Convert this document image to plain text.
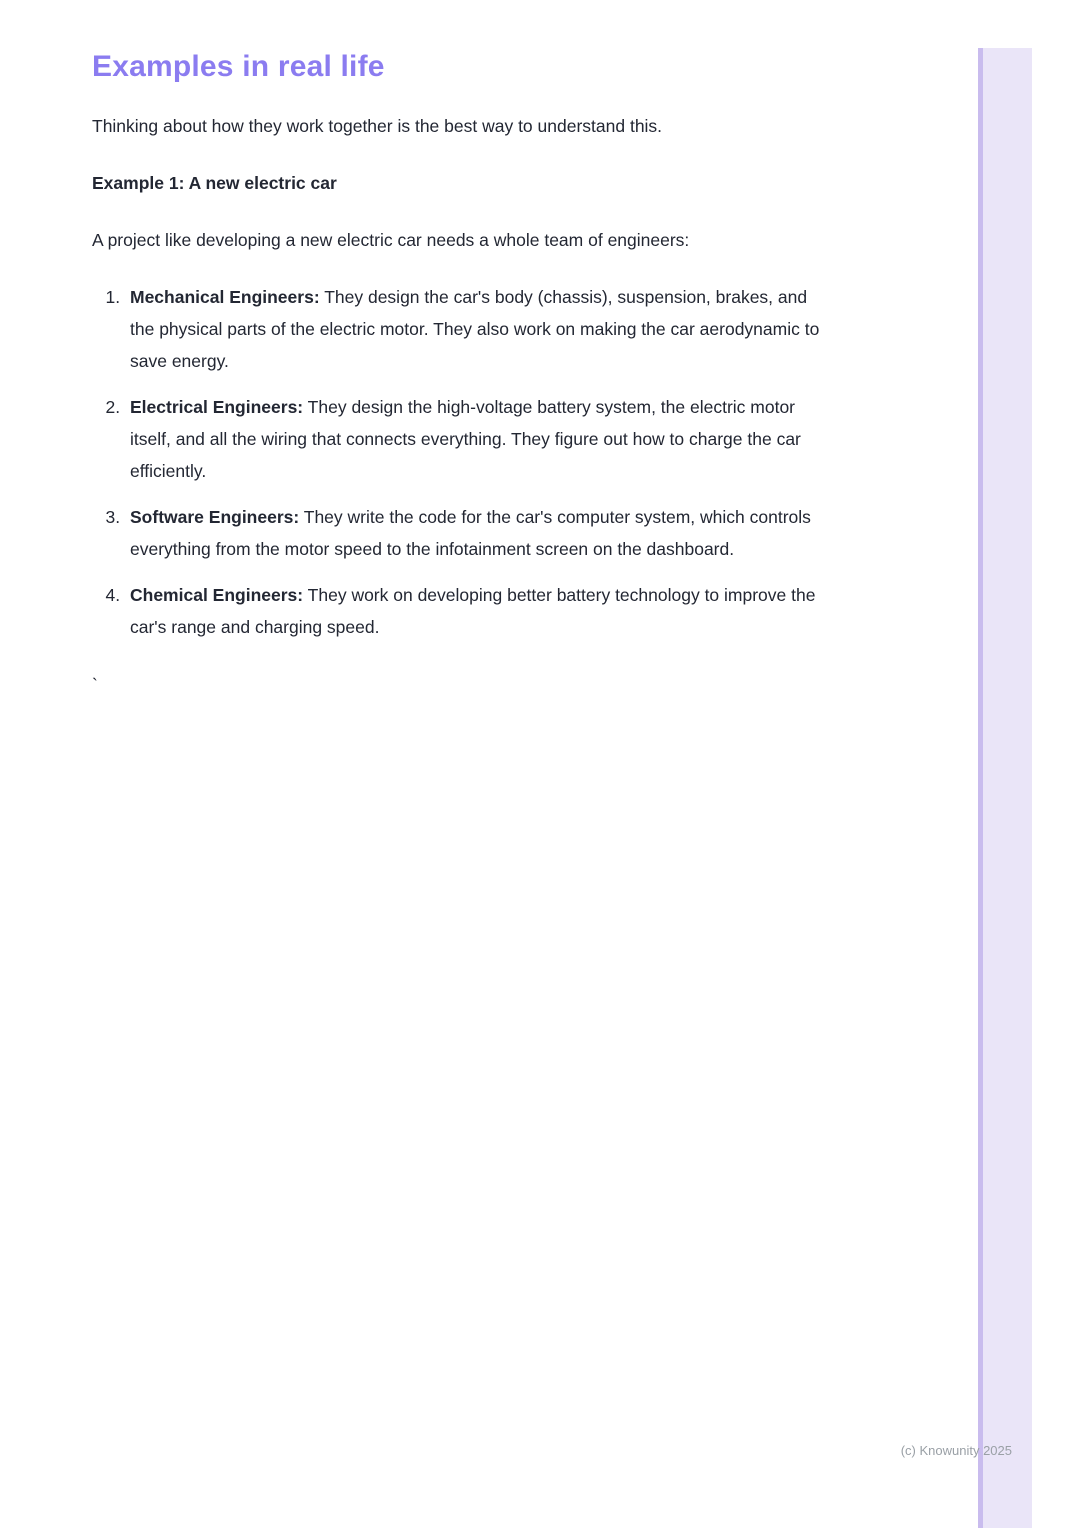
Examples in real life

Thinking about how they work together is the best way to understand this.

Example 1: A new electric car

A project like developing a new electric car needs a whole team of engineers:

1. Mechanical Engineers: They design the car's body (chassis), suspension, brakes, and the physical parts of the electric motor. They also work on making the car aerodynamic to save energy.
2. Electrical Engineers: They design the high-voltage battery system, the electric motor itself, and all the wiring that connects everything. They figure out how to charge the car efficiently.
3. Software Engineers: They write the code for the car's computer system, which controls everything from the motor speed to the infotainment screen on the dashboard.
4. Chemical Engineers: They work on developing better battery technology to improve the car's range and charging speed.
`
(c) Knowunity 2025
